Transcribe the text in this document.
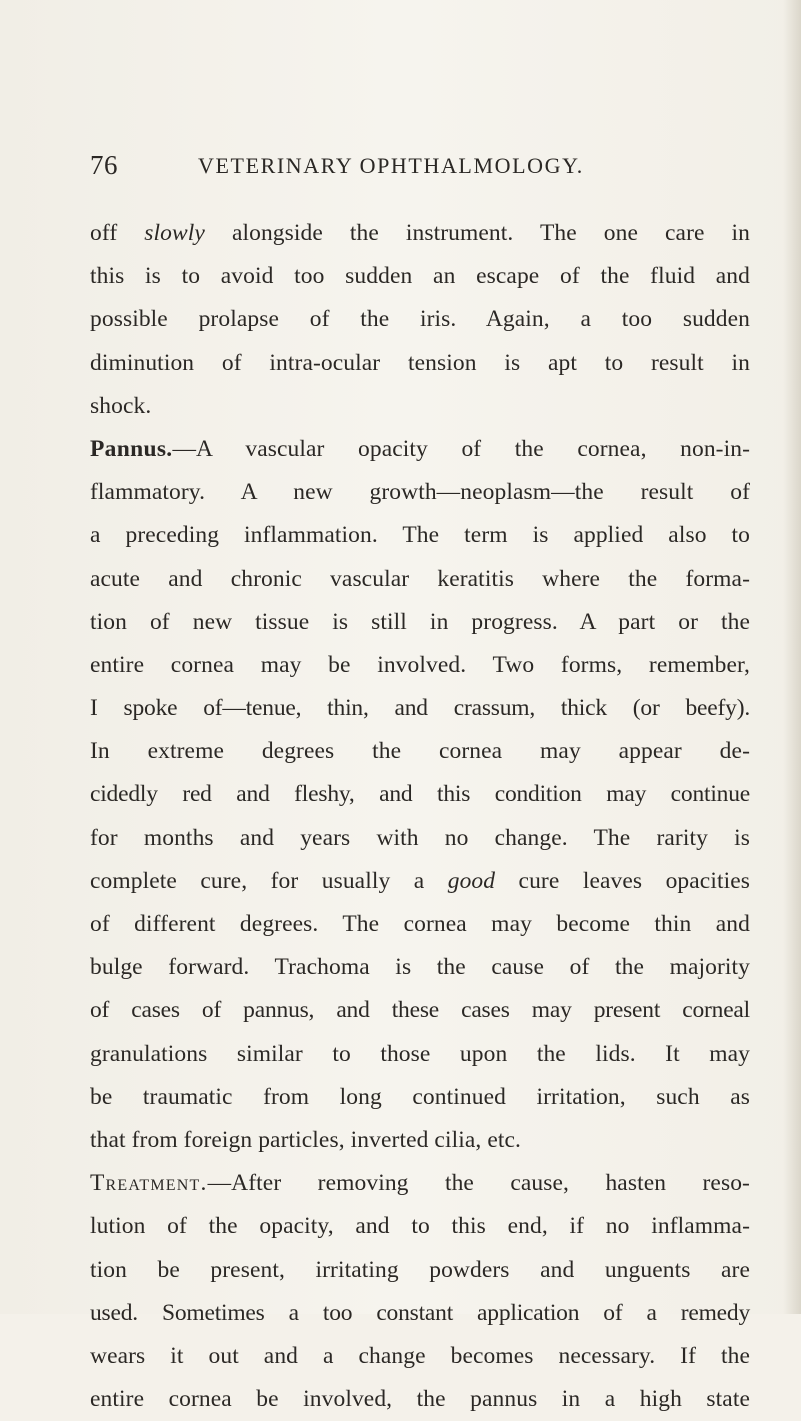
76	VETERINARY OPHTHALMOLOGY.
off slowly alongside the instrument. The one care in
this is to avoid too sudden an escape of the fluid and
possible prolapse of the iris. Again, a too sudden
diminution of intra-ocular tension is apt to result in
shock.
Pannus.—A vascular opacity of the cornea, non-in-
flammatory. A new growth—neoplasm—the result of
a preceding inflammation. The term is applied also to
acute and chronic vascular keratitis where the forma-
tion of new tissue is still in progress. A part or the
entire cornea may be involved. Two forms, remember,
I spoke of—tenue, thin, and crassum, thick (or beefy).
In extreme degrees the cornea may appear de-
cidedly red and fleshy, and this condition may continue
for months and years with no change. The rarity is
complete cure, for usually a good cure leaves opacities
of different degrees. The cornea may become thin and
bulge forward. Trachoma is the cause of the majority
of cases of pannus, and these cases may present corneal
granulations similar to those upon the lids. It may
be traumatic from long continued irritation, such as
that from foreign particles, inverted cilia, etc.
Treatment.—After removing the cause, hasten reso-
lution of the opacity, and to this end, if no inflamma-
tion be present, irritating powders and unguents are
used. Sometimes a too constant application of a remedy
wears it out and a change becomes necessary. If the
entire cornea be involved, the pannus in a high state
